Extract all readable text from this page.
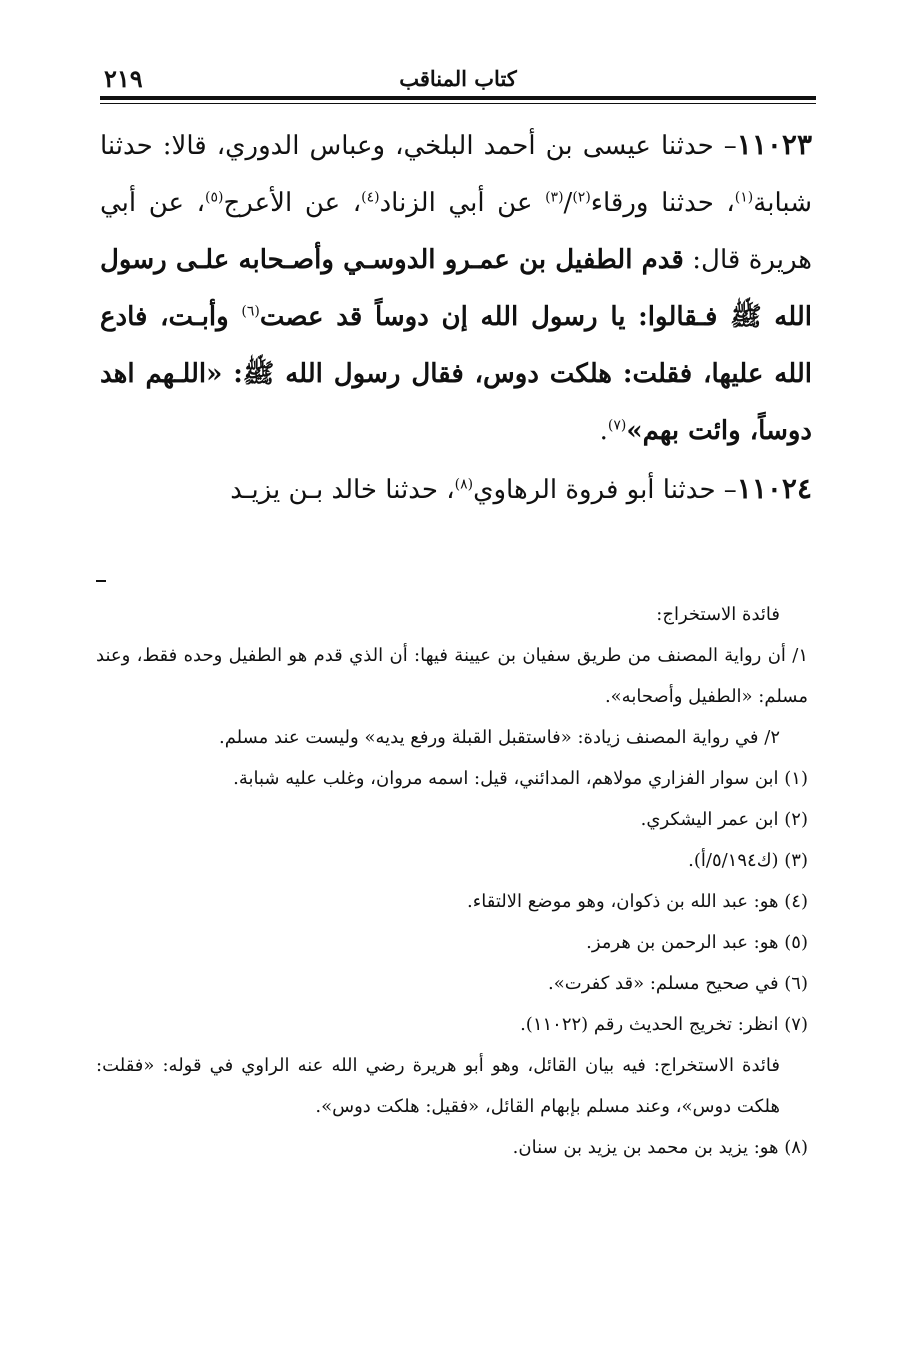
٢١٩	كتاب المناقب

١١٠٢٣– حدثنا عيسى بن أحمد البلخي، وعباس الدوري، قالا: حدثنا شبابة$^{(١)}$، حدثنا ورقاء$^{(٢)}$/$^{(٣)}$ عن أبي الزناد$^{(٤)}$، عن الأعرج$^{(٥)}$، عن أبي هريرة قال: قدم الطفيل بن عمـرو الدوسـي وأصـحابه علـى رسول الله ﷺ فـقالوا: يا رسول الله إن دوساً قد عصت$^{(٦)}$ وأبـت، فادع الله عليها، فقلت: هلكت دوس، فقال رسول الله ﷺ: «اللـهم اهد دوساً، وائت بهم»$^{(٧)}$.

١١٠٢٤– حدثنا أبو فروة الرهاوي$^{(٨)}$، حدثنا خالد بـن يزيـد

فائدة الاستخراج:

١/ أن رواية المصنف من طريق سفيان بن عيينة فيها: أن الذي قدم هو الطفيل وحده فقط، وعند مسلم: «الطفيل وأصحابه».

٢/ في رواية المصنف زيادة: «فاستقبل القبلة ورفع يديه» وليست عند مسلم.

(١) ابن سوار الفزاري مولاهم، المدائني، قيل: اسمه مروان، وغلب عليه شبابة.

(٢) ابن عمر اليشكري.

(٣) (ك٥/١٩٤/أ).

(٤) هو: عبد الله بن ذكوان، وهو موضع الالتقاء.

(٥) هو: عبد الرحمن بن هرمز.

(٦) في صحيح مسلم: «قد كفرت».

(٧) انظر: تخريج الحديث رقم (١١٠٢٢).

فائدة الاستخراج: فيه بيان القائل، وهو أبو هريرة رضي الله عنه الراوي في قوله: «فقلت: هلكت دوس»، وعند مسلم بإبهام القائل، «فقيل: هلكت دوس».

(٨) هو: يزيد بن محمد بن يزيد بن سنان.
